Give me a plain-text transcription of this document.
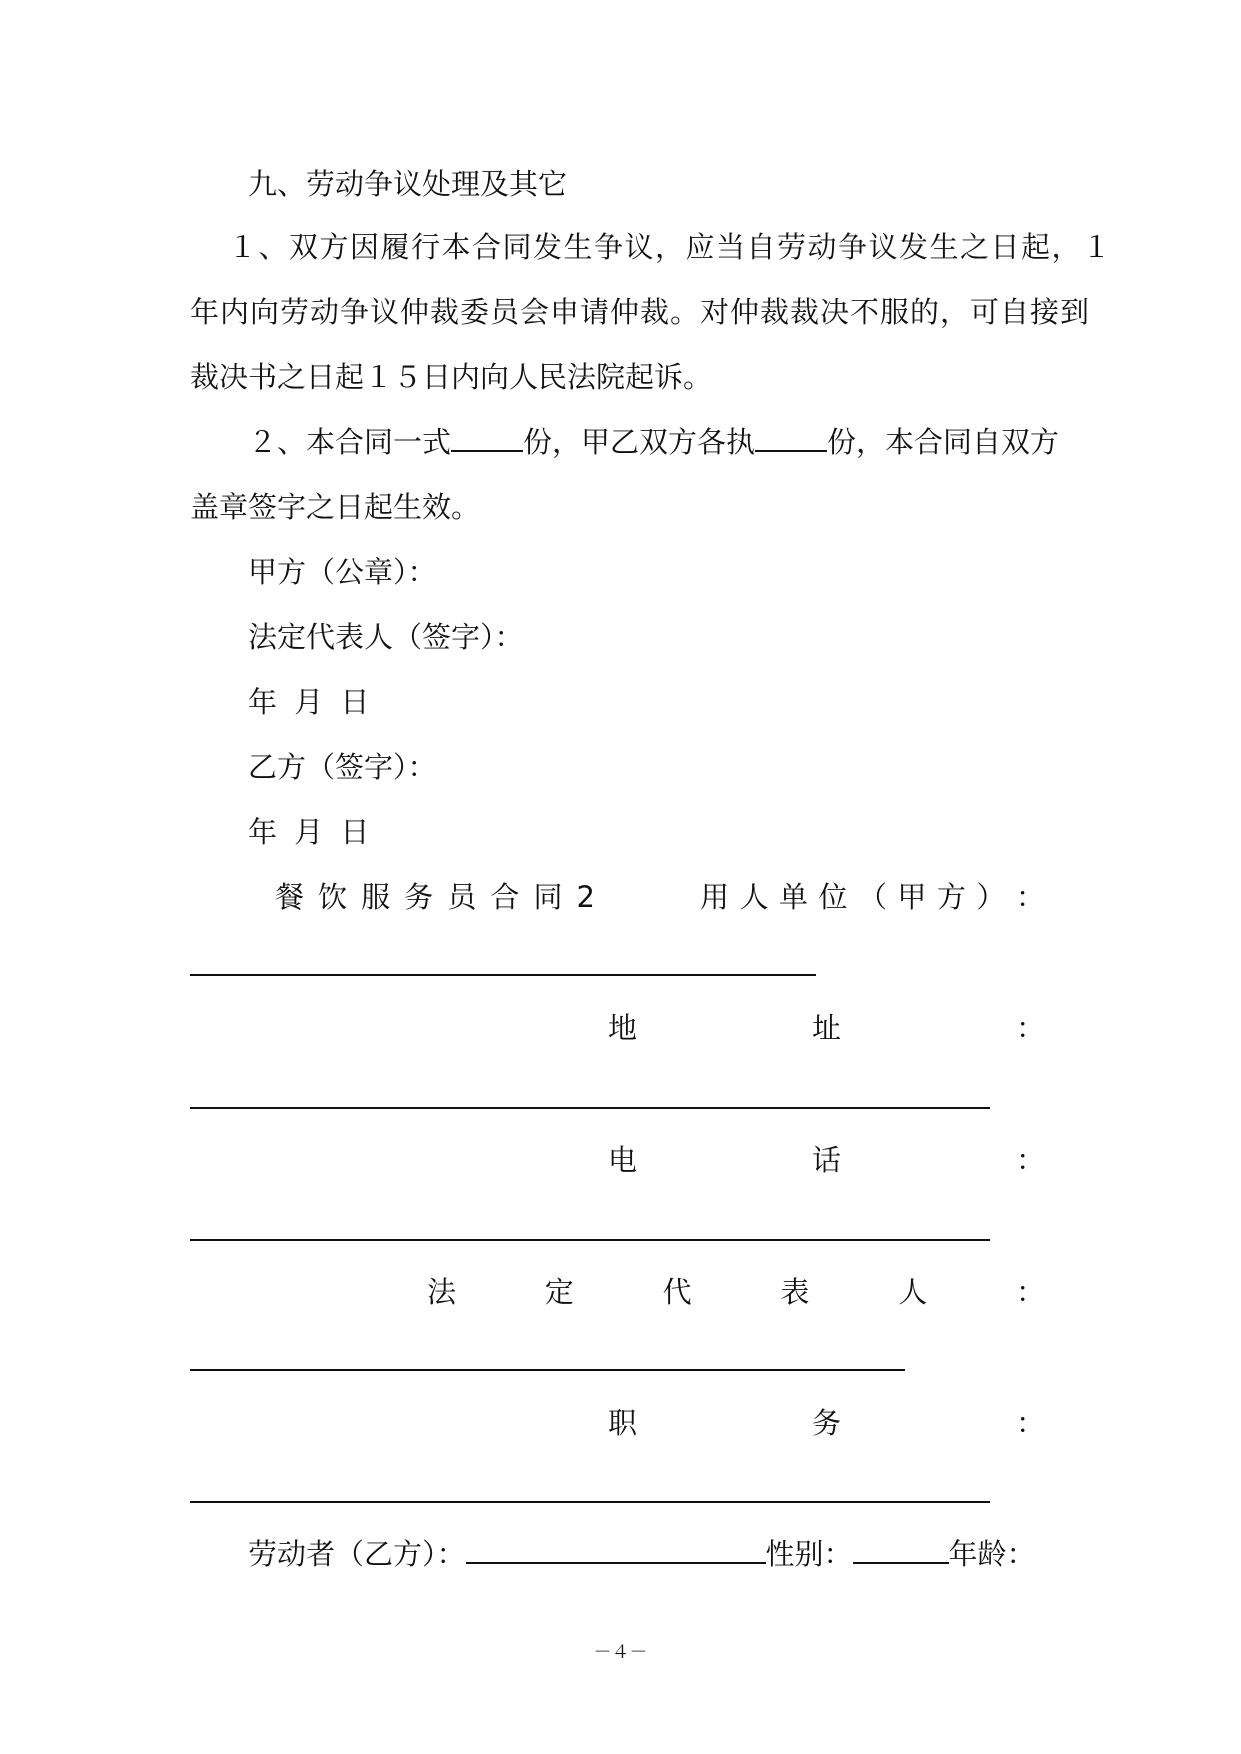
九、劳动争议处理及其它
１、双方因履行本合同发生争议，应当自劳动争议发生之日起，１
年内向劳动争议仲裁委员会申请仲裁。对仲裁裁决不服的，可自接到
裁决书之日起１５日内向人民法院起诉。
２、本合同一式 份，甲乙双方各执 份，本合同自双方
盖章签字之日起生效。
甲方（公章）：
法定代表人（签字）：
年 月 日
乙方（签字）：
年 月 日
餐 饮 服 务 员 合 同 2	用 人 单 位 （ 甲 方 ） ：
地	址	：
电	话	：
法	定	代	表	人	：
职	务	：
劳动者（乙方）：	性别：	年龄：
－４－
